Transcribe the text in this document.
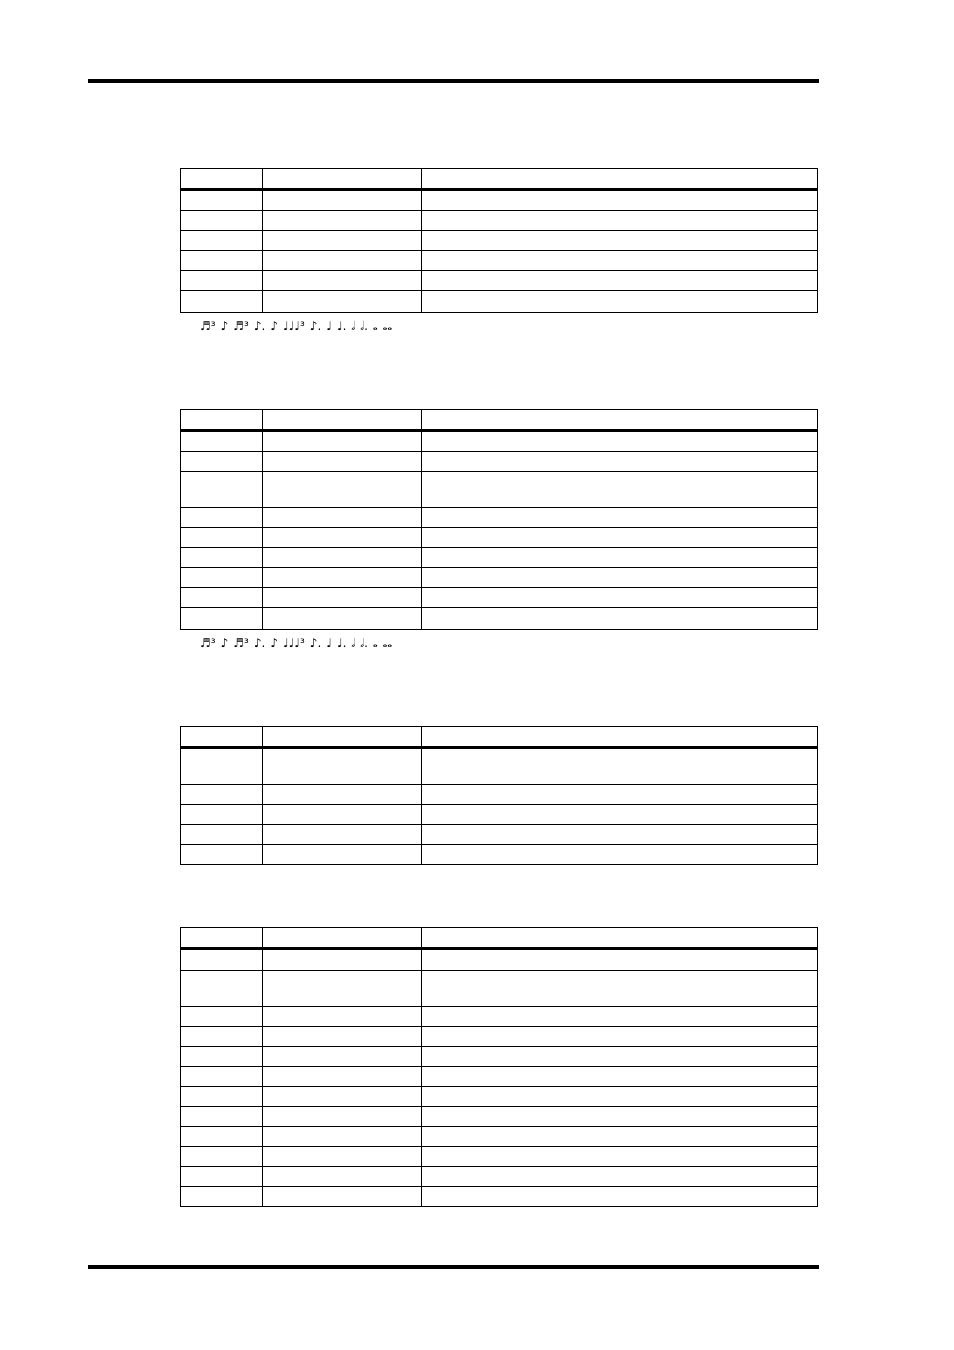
♬³ ♪ ♬³ ♪. ♪ ♩♩♩³ ♪. ♩ ♩. 𝅗𝅥 𝅗𝅥. 𝅝 𝅝𝅝

♬³ ♪ ♬³ ♪. ♪ ♩♩♩³ ♪. ♩ ♩. 𝅗𝅥 𝅗𝅥. 𝅝 𝅝𝅝
